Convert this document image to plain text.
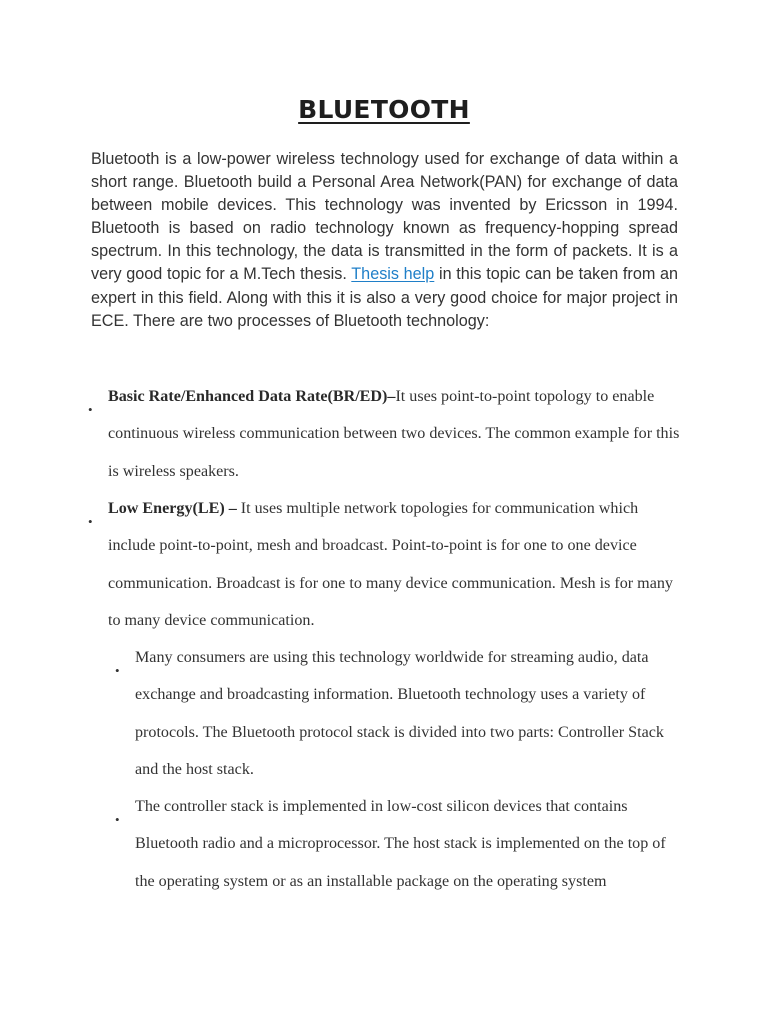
BLUETOOTH

Bluetooth is a low-power wireless technology used for exchange of data within a short range. Bluetooth build a Personal Area Network(PAN) for exchange of data between mobile devices. This technology was invented by Ericsson in 1994. Bluetooth is based on radio technology known as frequency-hopping spread spectrum. In this technology, the data is transmitted in the form of packets. It is a very good topic for a M.Tech thesis. Thesis help in this topic can be taken from an expert in this field. Along with this it is also a very good choice for major project in ECE. There are two processes of Bluetooth technology:

•

Basic Rate/Enhanced Data Rate(BR/ED)–It uses point-to-point topology to enable continuous wireless communication between two devices. The common example for this is wireless speakers.

•

Low Energy(LE) – It uses multiple network topologies for communication which include point-to-point, mesh and broadcast. Point-to-point is for one to one device communication. Broadcast is for one to many device communication. Mesh is for many to many device communication.

•

Many consumers are using this technology worldwide for streaming audio, data exchange and broadcasting information. Bluetooth technology uses a variety of protocols. The Bluetooth protocol stack is divided into two parts: Controller Stack and the host stack.

•

The controller stack is implemented in low-cost silicon devices that contains Bluetooth radio and a microprocessor. The host stack is implemented on the top of the operating system or as an installable package on the operating system
